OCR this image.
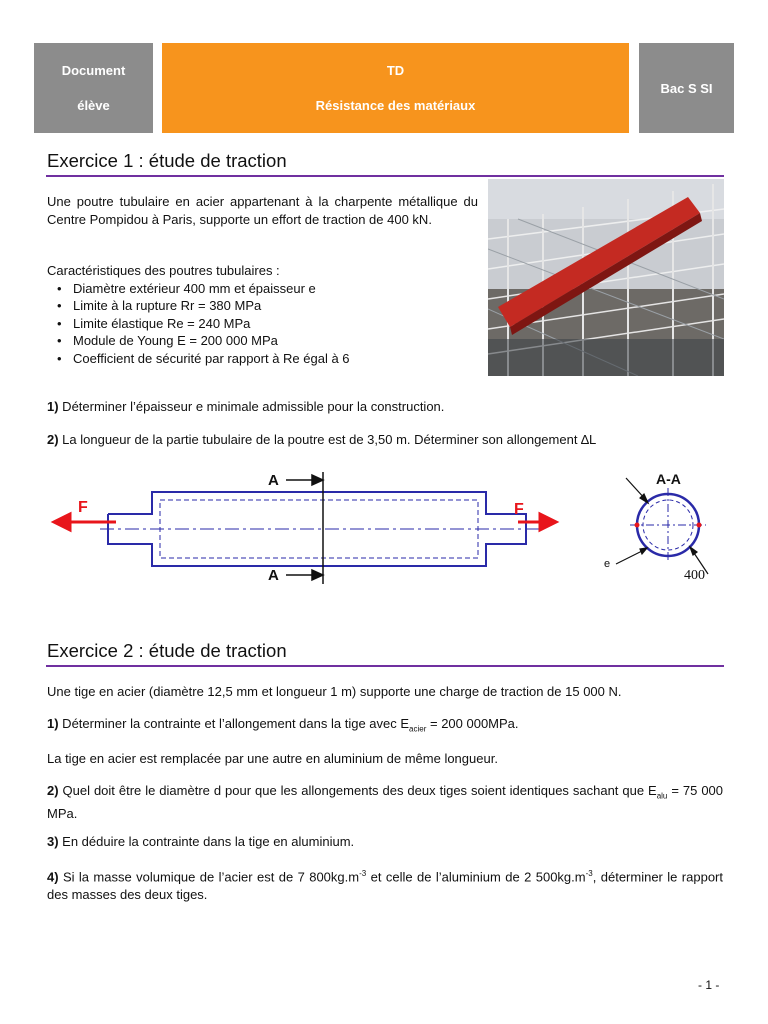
Document
élève
TD
Résistance des matériaux
Bac S SI
Exercice 1 : étude de traction
Une poutre tubulaire en acier appartenant à la charpente métallique du Centre Pompidou à Paris, supporte un effort de traction de 400 kN.
Caractéristiques des poutres tubulaires :
• Diamètre extérieur 400 mm et épaisseur e
• Limite à la rupture Rr = 380 MPa
• Limite élastique Re = 240 MPa
• Module de Young E = 200 000 MPa
• Coefficient de sécurité par rapport à Re égal à 6
1) Déterminer l’épaisseur e minimale admissible pour la construction.
2) La longueur de la partie tubulaire de la poutre est de 3,50 m. Déterminer son allongement ∆L
A
A
F	F
A-A
e
400
Exercice 2 : étude de traction
Une tige en acier (diamètre 12,5 mm et longueur 1 m) supporte une charge de traction de 15 000 N.
1) Déterminer la contrainte et l’allongement dans la tige avec $E_{acier} = 200$ 000MPa.
La tige en acier est remplacée par une autre en aluminium de même longueur.
2) Quel doit être le diamètre d pour que les allongements des deux tiges soient identiques sachant que $E_{alu} = 75$ 000 MPa.
3) En déduire la contrainte dans la tige en aluminium.
4) Si la masse volumique de l’acier est de 7 $800kg.m^{-3}$ et celle de l’aluminium de 2 $500kg.m^{-3}$, déterminer le rapport des masses des deux tiges.
- 1 -
